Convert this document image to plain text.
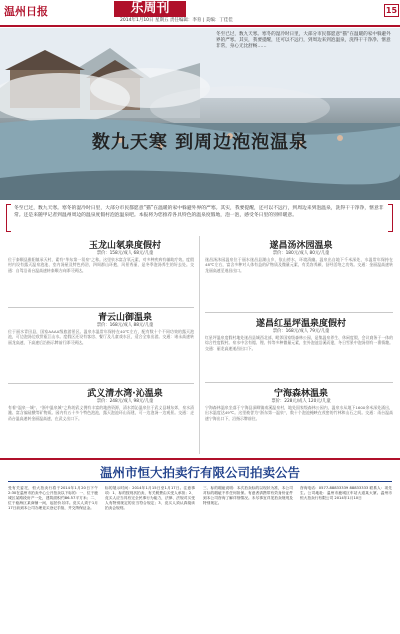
温州日报	乐周刊
2014年1月10日 星期五 责任编辑：李育 | 美编：丁佳佳
15
冬至已过，数九天寒。寒冬的湿冷时日里，大部分市民都愿意“猫”在温暖的家中躲避外界的严寒。其实，我要提醒，还可以不远行，到周边来到泡温泉，洗得干干净净、惬意非常，身心无比舒畅……
数九天寒 到周边泡泡温泉
冬至已过，数九天寒。寒冬的湿冷时日里，大部分市民都愿意“猫”在温暖的家中躲避外界的严寒。其实，我要提醒，还可以不远行，到周边来到泡温泉，洗得干干净净，惬意非常。还是来随甲记者到温州周边的温泉度假村泡泡温泉吧。本报将为您推荐各具特色的温泉度假地，泡一泡，感受冬日里的别样暖意。
玉龙山氡泉度假村
票价：158元/成人 68元/儿童
位于泰顺县雅阳镇承天村，素有“华东第一氡泉”之称。这里泉水富含氡元素，对多种疾病有辅助疗效。度假村内设有露天温泉泡池、室内汤屋及特色药浴，四周群山环抱，风景秀丽，是冬季泡汤养生的好去处。交通：自驾沿甬台温高速转泰顺方向即可到达。
青云山御温泉
票价：168元/成人 88元/儿童
位于丽水青田县，国家AAAA级旅游景区。温泉水温常年保持在40℃左右，配有数十个不同功效的露天泡池，可边泡汤边欣赏瓯江山水。度假区还设有客房、餐厅及儿童戏水区，适合全家出游。交通：诸永高速转丽龙高速，下高速后沿指示牌前行即可到达。
武义清水湾·沁温泉
票价：248元/成人 98元/儿童
有着“温泉一城”、“浙中温泉城”之称的武义拥有丰富的地热资源，清水湾沁温泉位于武义县城东郊，泉水清澈、富含偏硅酸等矿物质。园内有五十多个特色泡池，露天泡池环山而建，可一边泡汤一边观景。交通：走甬台温高速转金丽温高速，在武义出口下。
遂昌汤沐园温泉
票价：180元/成人 80元/儿童
遂昌汤沐园温泉位于丽水遂昌县湖山乡，依山傍水，环境清幽。温泉出自地下千米深处，水温常年保持在48℃左右，富含多种对人体有益的矿物质及微量元素，有美容养颜、舒经活络之功效。交通：金丽温高速转龙丽高速至遂昌出口。
遂昌红星坪温泉度假村
票价：168元/成人 79元/儿童
红星坪温泉度假村地处遂昌县城西北部，毗邻国家级森林公园，是集温泉养生、休闲度假、会议商务于一体的综合性度假村。泉水中含有锶、锂、锌等多种微量元素，室外泡池沿溪而建，冬日雪景中泡汤别有一番情趣。交通：丽龙高速遂昌出口下。
宁海森林温泉
票价：228元/成人 120元/儿童
宁海森林温泉坐落于宁海县深甽镇南溪温泉村，地处国家级森林公园内，温泉水从地下1600余米深处涌出，出水温度达49℃。这里被誉为“浙东第一温泉”，数十个泡池掩映在茂密的竹林和山石之间。交通：甬台温高速宁海出口下，沿指示牌前往。
温州市恒大拍卖行有限公司拍卖公告
受有关委托，恒大拍卖行将于2014年1月20日下午2:30在温州市拍卖中心公开拍卖以下标的：一、位于鹿城区某路段房产一处，建筑面积约86.57平方米；二、位于瓯海区某商铺一间，起拍价另详。竞买人须于1月17日前到本公司办理竞买登记手续，并交纳保证金。
标的展示时间：2014年1月15日至1月17日。注意事项：1、标的按现状拍卖，有关税费由买受人承担；2、竞买人应当具有完全民事行为能力，法律、法规对买受人有特别规定的应当符合规定；3、竞买人须认真阅读拍卖会规则。
三、标的瑕疵说明：本次拍卖标的以现状为准，本公司对标的瑕疵不作任何担保。有意者请携带有效身份证件到本公司咨询了解详细情况。未尽事宜详见拍卖规则及特别规定。
咨询电话：0577-88833339 88833333 联系人：项先生。公司地址：温州市鹿城区车站大道某大厦。温州市恒大拍卖行有限公司 2014年1月10日
